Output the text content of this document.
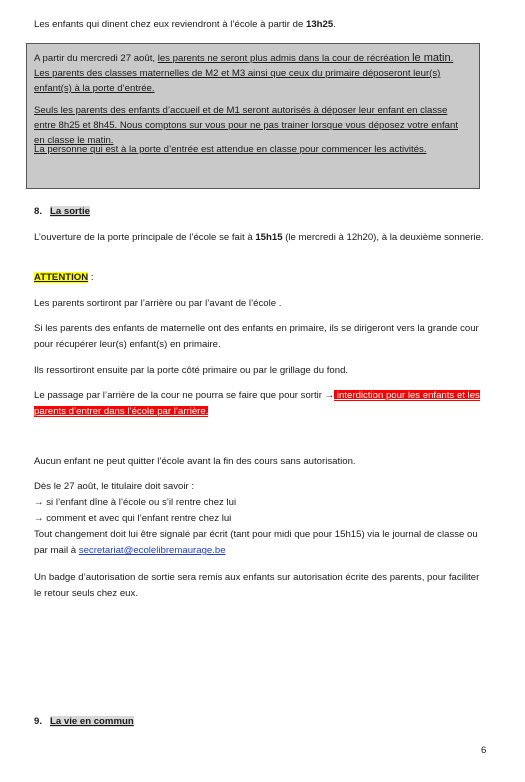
Les enfants qui dinent chez eux reviendront à l’école à partir de 13h25.

A partir du mercredi 27 août, les parents ne seront plus admis dans la cour de récréation le matin. Les parents des classes maternelles de M2 et M3 ainsi que ceux du primaire déposeront leur(s) enfant(s) à la porte d’entrée.

Seuls les parents des enfants d’accueil et de M1 seront autorisés à déposer leur enfant en classe entre 8h25 et 8h45. Nous comptons sur vous pour ne pas trainer lorsque vous déposez votre enfant en classe le matin.

La personne qui est à la porte d’entrée est attendue en classe pour commencer les activités.

8. La sortie

L’ouverture de la porte principale de l’école se fait à 15h15 (le mercredi à 12h20), à la deuxième sonnerie.

ATTENTION :

Les parents sortiront par l’arrière ou par l’avant de l’école .

Si les parents des enfants de maternelle ont des enfants en primaire, ils se dirigeront vers la grande cour pour récupérer leur(s) enfant(s) en primaire.

Ils ressortiront ensuite par la porte côté primaire ou par le grillage du fond.

Le passage par l’arrière de la cour ne pourra se faire que pour sortir → interdiction pour les enfants et les parents d’entrer dans l’école par l’arrière.

Aucun enfant ne peut quitter l’école avant la fin des cours sans autorisation.

Dès le 27 août, le titulaire doit savoir :

→ si l’enfant dîne à l’école ou s’il rentre chez lui

→ comment et avec qui l’enfant rentre chez lui

Tout changement doit lui être signalé par écrit (tant pour midi que pour 15h15) via le journal de classe ou par mail à secretariat@ecolelibremaurage.be

Un badge d’autorisation de sortie sera remis aux enfants sur autorisation écrite des parents, pour faciliter le retour seuls chez eux.

9. La vie en commun
6
